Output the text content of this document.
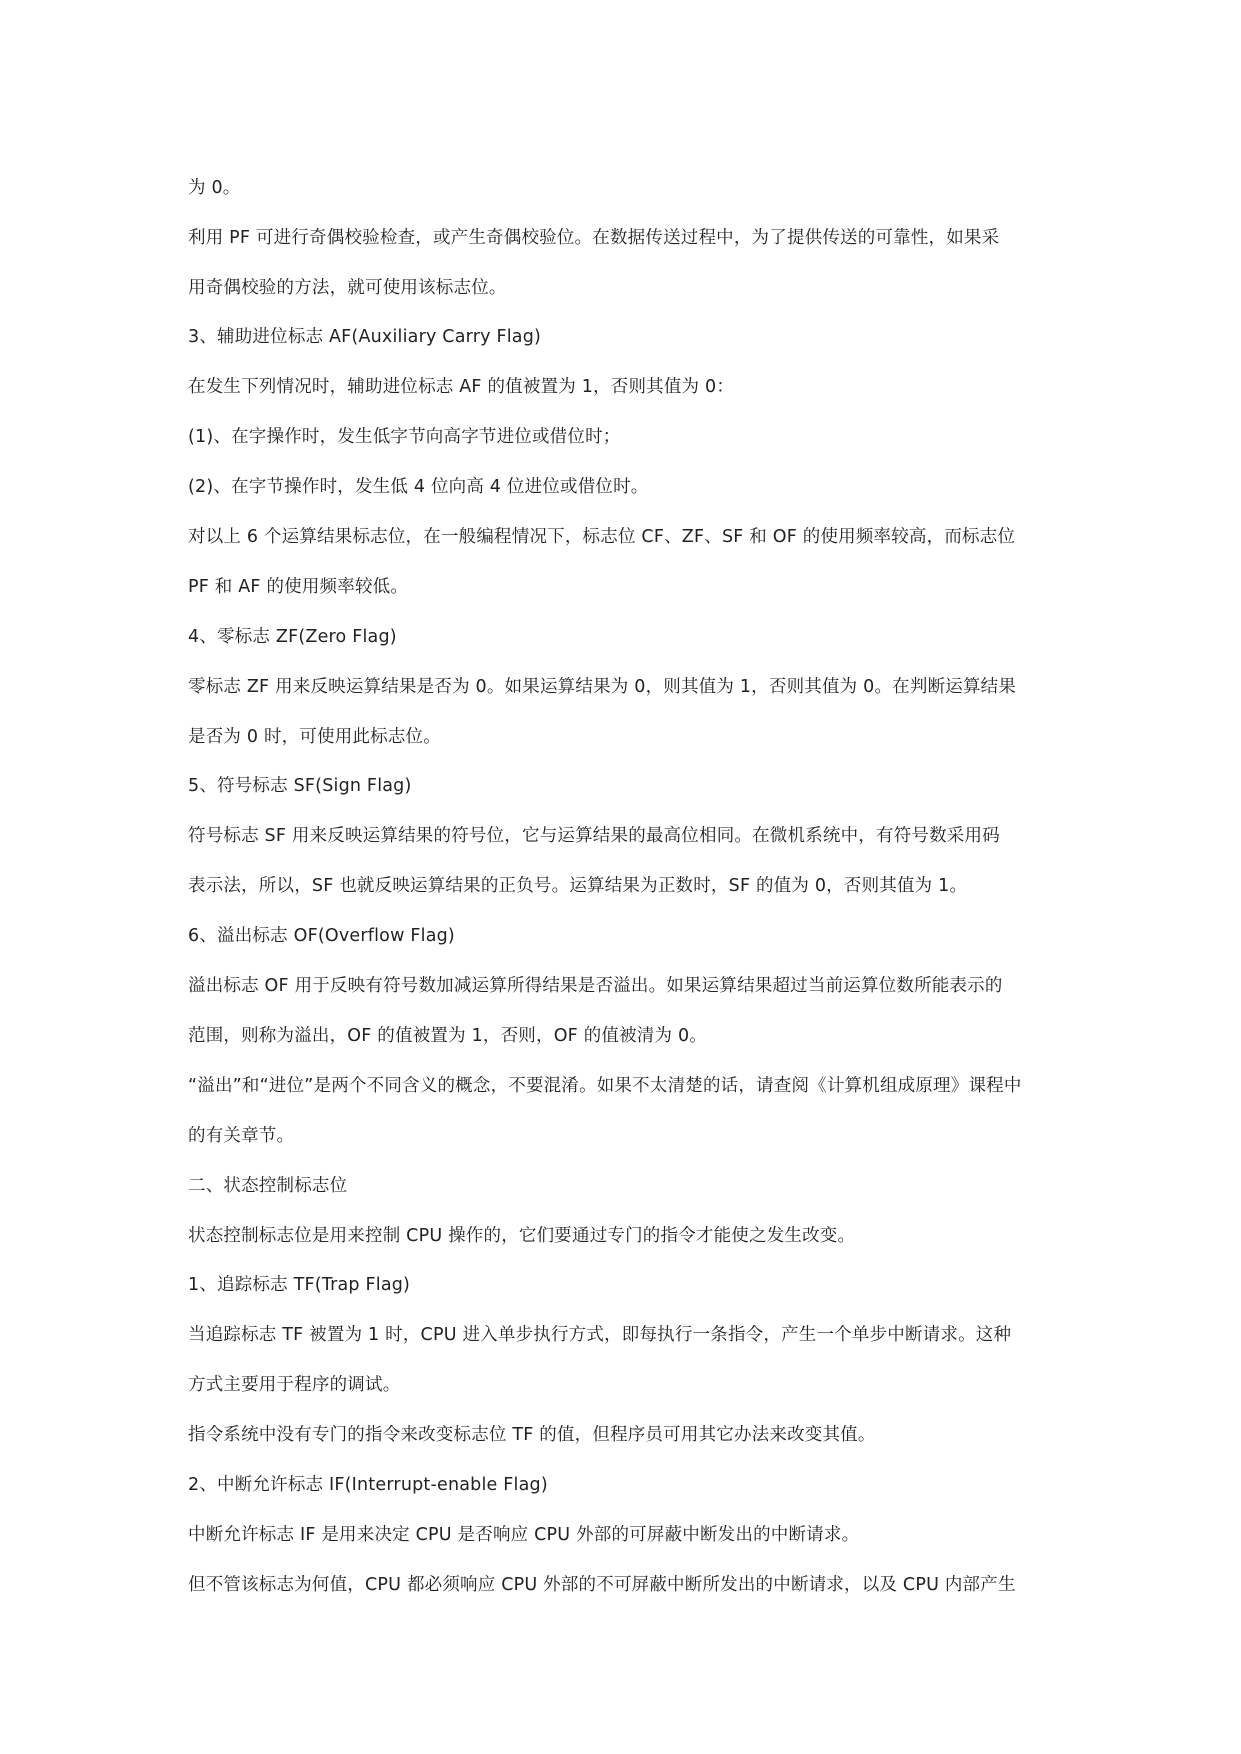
为 0。
利用 PF 可进行奇偶校验检查，或产生奇偶校验位。在数据传送过程中，为了提供传送的可靠性，如果采
用奇偶校验的方法，就可使用该标志位。
3、辅助进位标志 AF(Auxiliary Carry Flag)
在发生下列情况时，辅助进位标志 AF 的值被置为 1，否则其值为 0：
(1)、在字操作时，发生低字节向高字节进位或借位时；
(2)、在字节操作时，发生低 4 位向高 4 位进位或借位时。
对以上 6 个运算结果标志位，在一般编程情况下，标志位 CF、ZF、SF 和 OF 的使用频率较高，而标志位
PF 和 AF 的使用频率较低。
4、零标志 ZF(Zero Flag)
零标志 ZF 用来反映运算结果是否为 0。如果运算结果为 0，则其值为 1，否则其值为 0。在判断运算结果
是否为 0 时，可使用此标志位。
5、符号标志 SF(Sign Flag)
符号标志 SF 用来反映运算结果的符号位，它与运算结果的最高位相同。在微机系统中，有符号数采用码
表示法，所以，SF 也就反映运算结果的正负号。运算结果为正数时，SF 的值为 0，否则其值为 1。
6、溢出标志 OF(Overflow Flag)
溢出标志 OF 用于反映有符号数加减运算所得结果是否溢出。如果运算结果超过当前运算位数所能表示的
范围，则称为溢出，OF 的值被置为 1，否则，OF 的值被清为 0。
“溢出”和“进位”是两个不同含义的概念，不要混淆。如果不太清楚的话，请查阅《计算机组成原理》课程中
的有关章节。
二、状态控制标志位
状态控制标志位是用来控制 CPU 操作的，它们要通过专门的指令才能使之发生改变。
1、追踪标志 TF(Trap Flag)
当追踪标志 TF 被置为 1 时，CPU 进入单步执行方式，即每执行一条指令，产生一个单步中断请求。这种
方式主要用于程序的调试。
指令系统中没有专门的指令来改变标志位 TF 的值，但程序员可用其它办法来改变其值。
2、中断允许标志 IF(Interrupt-enable Flag)
中断允许标志 IF 是用来决定 CPU 是否响应 CPU 外部的可屏蔽中断发出的中断请求。
但不管该标志为何值，CPU 都必须响应 CPU 外部的不可屏蔽中断所发出的中断请求，以及 CPU 内部产生
